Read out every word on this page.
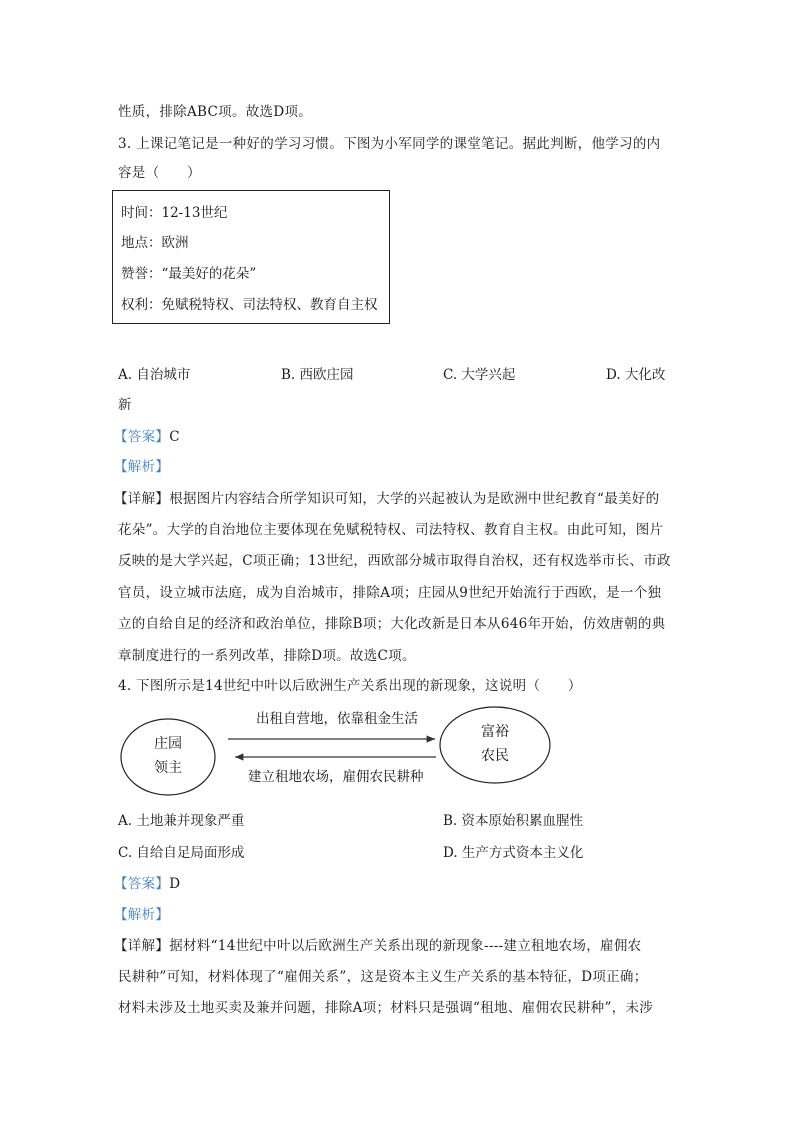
性质，排除ABC项。故选D项。
3. 上课记笔记是一种好的学习习惯。下图为小军同学的课堂笔记。据此判断，他学习的内
容是（　　）
时间：12-13世纪
地点：欧洲
赞誉：“最美好的花朵”
权利：免赋税特权、司法特权、教育自主权
A. 自治城市	B. 西欧庄园	C. 大学兴起	D. 大化改
新
【答案】C
【解析】
【详解】根据图片内容结合所学知识可知，大学的兴起被认为是欧洲中世纪教育“最美好的
花朵”。大学的自治地位主要体现在免赋税特权、司法特权、教育自主权。由此可知，图片
反映的是大学兴起，C项正确；13世纪，西欧部分城市取得自治权，还有权选举市长、市政
官员，设立城市法庭，成为自治城市，排除A项；庄园从9世纪开始流行于西欧，是一个独
立的自给自足的经济和政治单位，排除B项；大化改新是日本从646年开始，仿效唐朝的典
章制度进行的一系列改革，排除D项。故选C项。
4. 下图所示是14世纪中叶以后欧洲生产关系出现的新现象，这说明（　　）
庄园
领主
富裕
农民
出租自营地，依靠租金生活
建立租地农场，雇佣农民耕种
A. 土地兼并现象严重	B. 资本原始积累血腥性
C. 自给自足局面形成	D. 生产方式资本主义化
【答案】D
【解析】
【详解】据材料“14世纪中叶以后欧洲生产关系出现的新现象----建立租地农场，雇佣农
民耕种”可知，材料体现了“雇佣关系”，这是资本主义生产关系的基本特征，D项正确；
材料未涉及土地买卖及兼并问题，排除A项；材料只是强调“租地、雇佣农民耕种”，未涉
